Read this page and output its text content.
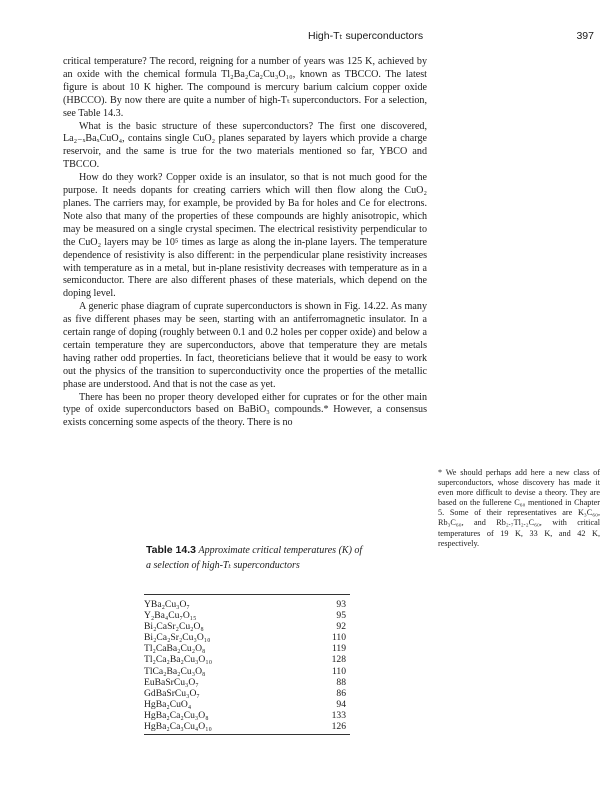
High-Tₜ superconductors	397

critical temperature? The record, reigning for a number of years was 125 K, achieved by an oxide with the chemical formula Tl₂Ba₂Ca₂Cu₃O₁₀, known as TBCCO. The latest figure is about 10 K higher. The compound is mercury barium calcium copper oxide (HBCCO). By now there are quite a number of high-Tₜ superconductors. For a selection, see Table 14.3.

What is the basic structure of these superconductors? The first one discovered, La₂₋ₓBaₓCuO₄, contains single CuO₂ planes separated by layers which provide a charge reservoir, and the same is true for the two materials mentioned so far, YBCO and TBCCO.

How do they work? Copper oxide is an insulator, so that is not much good for the purpose. It needs dopants for creating carriers which will then flow along the CuO₂ planes. The carriers may, for example, be provided by Ba for holes and Ce for electrons. Note also that many of the properties of these compounds are highly anisotropic, which may be measured on a single crystal specimen. The electrical resistivity perpendicular to the CuO₂ layers may be 10⁵ times as large as along the in-plane layers. The temperature dependence of resistivity is also different: in the perpendicular plane resistivity increases with temperature as in a metal, but in-plane resistivity decreases with temperature as in a semiconductor. There are also different phases of these materials, which depend on the doping level.

A generic phase diagram of cuprate superconductors is shown in Fig. 14.22. As many as five different phases may be seen, starting with an antiferromagnetic insulator. In a certain range of doping (roughly between 0.1 and 0.2 holes per copper oxide) and below a certain temperature they are superconductors, above that temperature they are metals having rather odd properties. In fact, theoreticians believe that it would be easy to work out the physics of the transition to superconductivity once the properties of the metallic phase are understood. And that is not the case as yet.

There has been no proper theory developed either for cuprates or for the other main type of oxide superconductors based on BaBiO₃ compounds.* However, a consensus exists concerning some aspects of the theory. There is no

* We should perhaps add here a new class of superconductors, whose discovery has made it even more difficult to devise a theory. They are based on the fullerene C₆₀ mentioned in Chapter 5. Some of their representatives are K₃C₆₀, Rb₃C₆₀, and Rb₂.₇Tl₂.₂C₆₀, with critical temperatures of 19 K, 33 K, and 42 K, respectively.
Table 14.3 Approximate critical temperatures (K) of a selection of high-Tₜ superconductors
YBa₂Cu₃O₇	93
Y₂Ba₄Cu₇O₁₅	95
Bi₂CaSr₂Cu₂O₈	92
Bi₂Ca₂Sr₂Cu₃O₁₀	110
Tl₂CaBa₂Cu₂O₈	119
Tl₂Ca₂Ba₂Cu₃O₁₀	128
TlCa₂Ba₂Cu₃O₈	110
EuBaSrCu₃O₇	88
GdBaSrCu₃O₇	86
HgBa₂CuO₄	94
HgBa₂Ca₂Cu₃O₈	133
HgBa₂Ca₃Cu₄O₁₀	126
